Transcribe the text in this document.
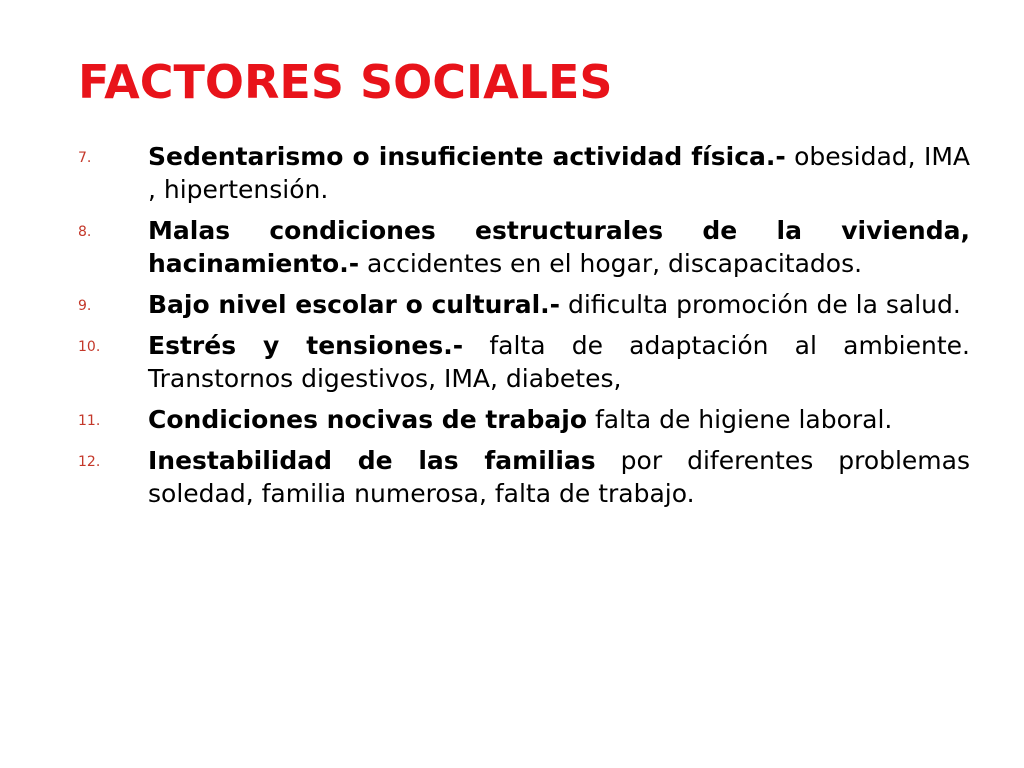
FACTORES SOCIALES
7. Sedentarismo o insuficiente actividad física.- obesidad, IMA , hipertensión.
8. Malas condiciones estructurales de la vivienda, hacinamiento.- accidentes en el hogar, discapacitados.
9. Bajo nivel escolar o cultural.- dificulta promoción de la salud.
10. Estrés y tensiones.- falta de adaptación al ambiente. Transtornos digestivos, IMA, diabetes,
11. Condiciones nocivas de trabajo falta de higiene laboral.
12. Inestabilidad de las familias por diferentes problemas soledad, familia numerosa, falta de trabajo.
